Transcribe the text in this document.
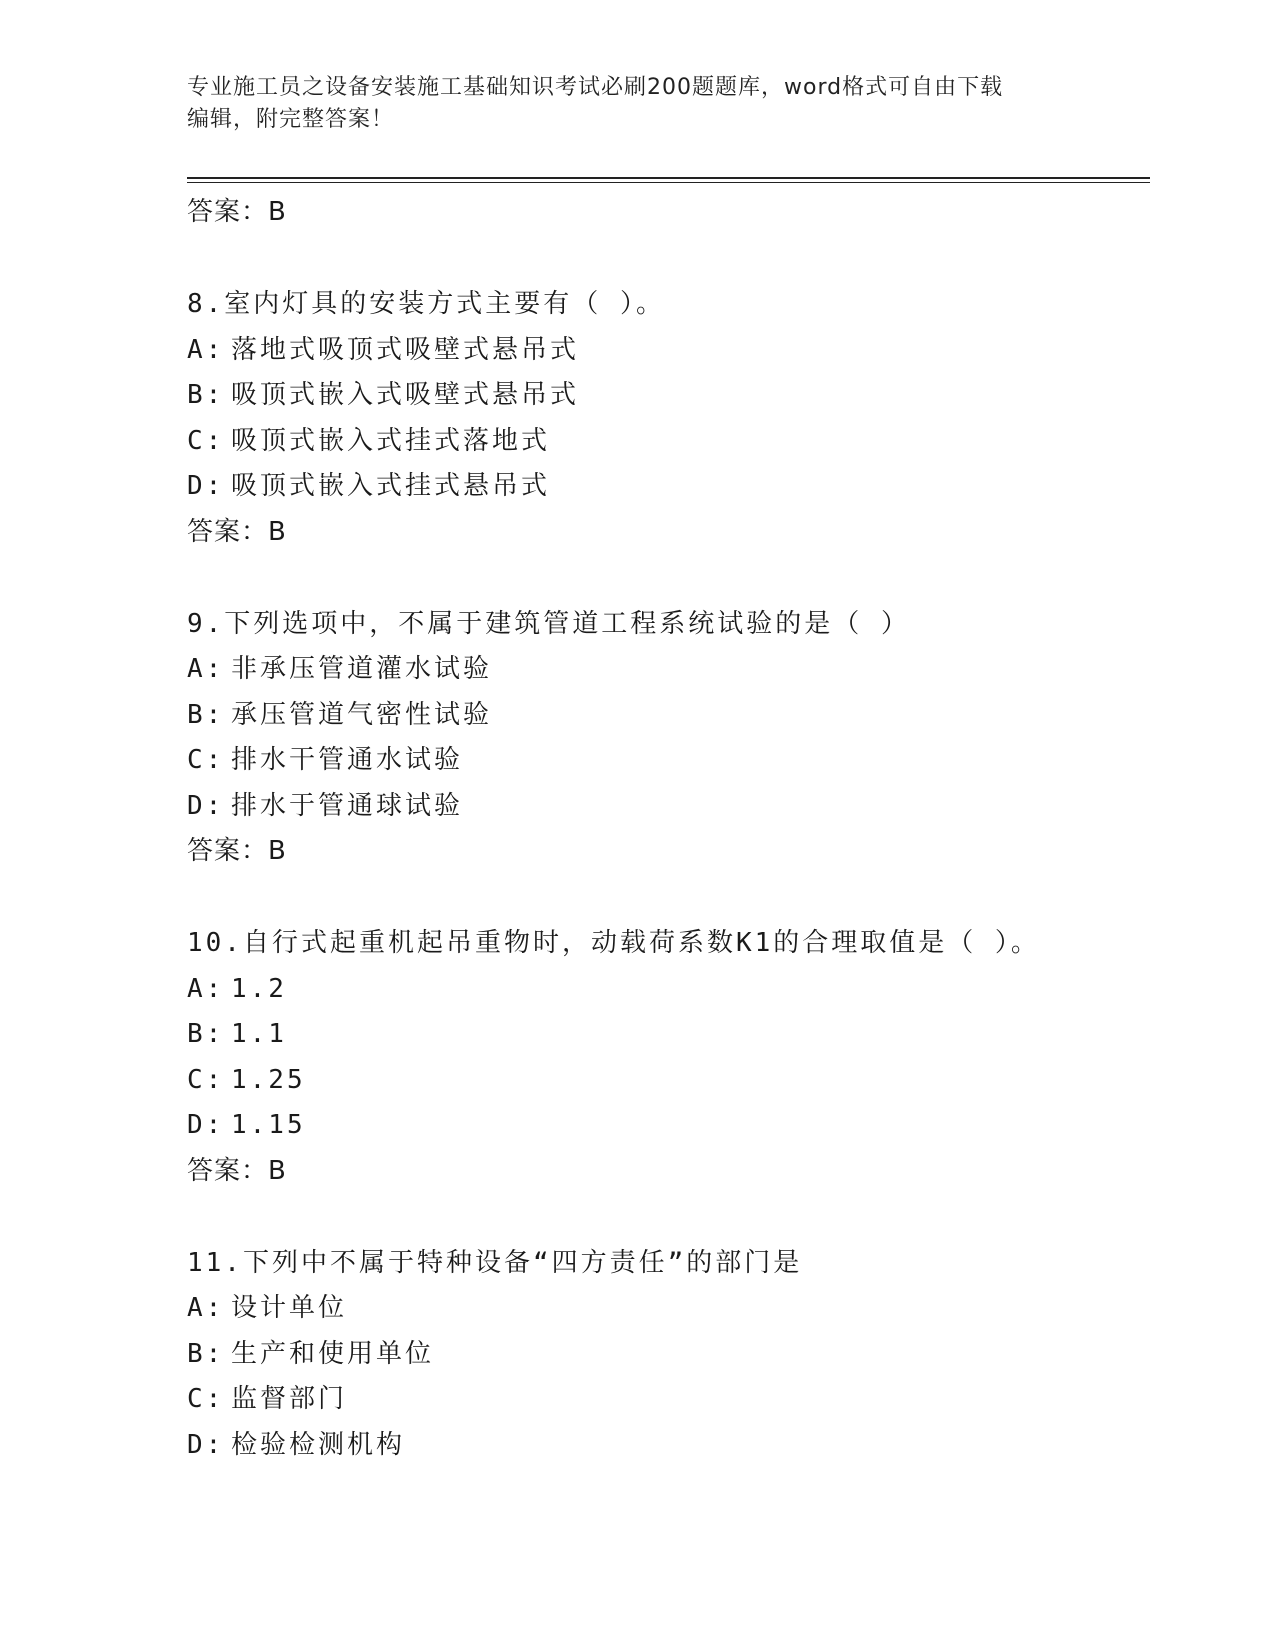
专业施工员之设备安装施工基础知识考试必刷200题题库，word格式可自由下载
编辑，附完整答案！
答案：B
8.室内灯具的安装方式主要有（ ）。
A: 落地式吸顶式吸壁式悬吊式
B: 吸顶式嵌入式吸壁式悬吊式
C: 吸顶式嵌入式挂式落地式
D: 吸顶式嵌入式挂式悬吊式
答案：B
9.下列选项中，不属于建筑管道工程系统试验的是（ ）
A: 非承压管道灌水试验
B: 承压管道气密性试验
C: 排水干管通水试验
D: 排水于管通球试验
答案：B
10.自行式起重机起吊重物时，动载荷系数K1的合理取值是（ ）。
A: 1.2
B: 1.1
C: 1.25
D: 1.15
答案：B
11.下列中不属于特种设备“四方责任”的部门是
A: 设计单位
B: 生产和使用单位
C: 监督部门
D: 检验检测机构
